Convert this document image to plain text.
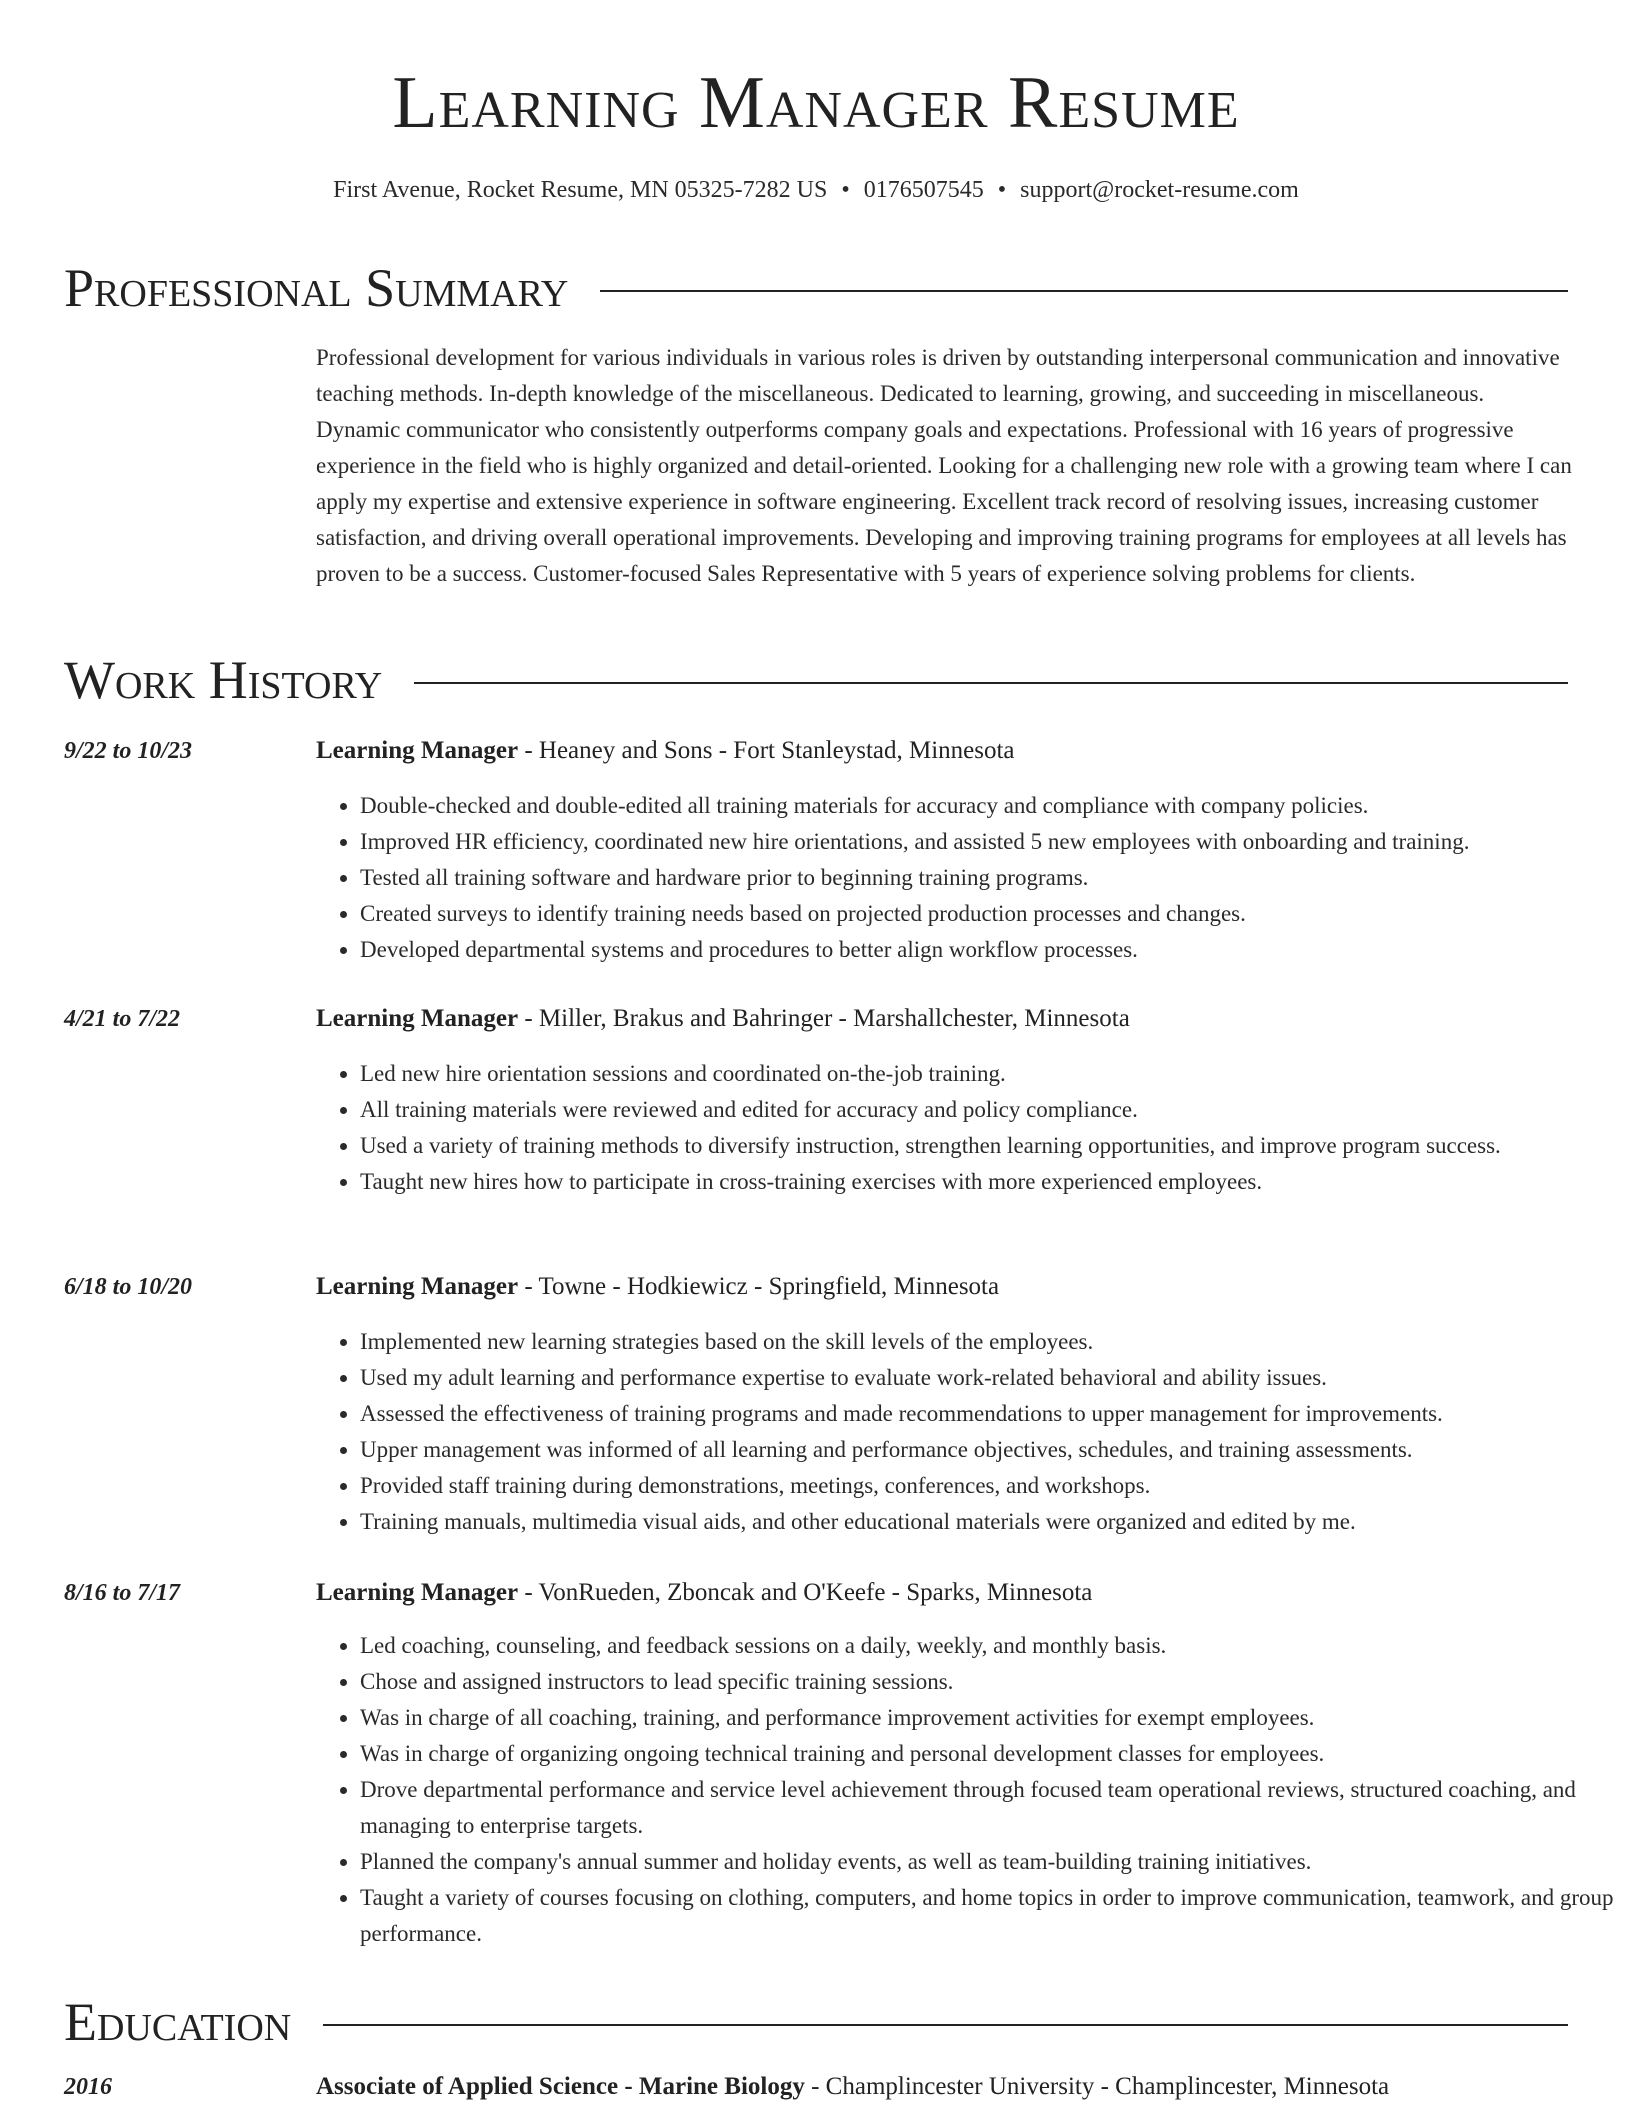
Learning Manager Resume
First Avenue, Rocket Resume, MN 05325-7282 US • 0176507545 • support@rocket-resume.com
Professional Summary

Professional development for various individuals in various roles is driven by outstanding interpersonal communication and innovative teaching methods. In-depth knowledge of the miscellaneous. Dedicated to learning, growing, and succeeding in miscellaneous. Dynamic communicator who consistently outperforms company goals and expectations. Professional with 16 years of progressive experience in the field who is highly organized and detail-oriented. Looking for a challenging new role with a growing team where I can apply my expertise and extensive experience in software engineering. Excellent track record of resolving issues, increasing customer satisfaction, and driving overall operational improvements. Developing and improving training programs for employees at all levels has proven to be a success. Customer-focused Sales Representative with 5 years of experience solving problems for clients.

Work History
9/22 to 10/23	Learning Manager - Heaney and Sons - Fort Stanleystad, Minnesota
• Double-checked and double-edited all training materials for accuracy and compliance with company policies.
• Improved HR efficiency, coordinated new hire orientations, and assisted 5 new employees with onboarding and training.
• Tested all training software and hardware prior to beginning training programs.
• Created surveys to identify training needs based on projected production processes and changes.
• Developed departmental systems and procedures to better align workflow processes.
4/21 to 7/22	Learning Manager - Miller, Brakus and Bahringer - Marshallchester, Minnesota
• Led new hire orientation sessions and coordinated on-the-job training.
• All training materials were reviewed and edited for accuracy and policy compliance.
• Used a variety of training methods to diversify instruction, strengthen learning opportunities, and improve program success.
• Taught new hires how to participate in cross-training exercises with more experienced employees.
6/18 to 10/20	Learning Manager - Towne - Hodkiewicz - Springfield, Minnesota
• Implemented new learning strategies based on the skill levels of the employees.
• Used my adult learning and performance expertise to evaluate work-related behavioral and ability issues.
• Assessed the effectiveness of training programs and made recommendations to upper management for improvements.
• Upper management was informed of all learning and performance objectives, schedules, and training assessments.
• Provided staff training during demonstrations, meetings, conferences, and workshops.
• Training manuals, multimedia visual aids, and other educational materials were organized and edited by me.
8/16 to 7/17	Learning Manager - VonRueden, Zboncak and O'Keefe - Sparks, Minnesota
• Led coaching, counseling, and feedback sessions on a daily, weekly, and monthly basis.
• Chose and assigned instructors to lead specific training sessions.
• Was in charge of all coaching, training, and performance improvement activities for exempt employees.
• Was in charge of organizing ongoing technical training and personal development classes for employees.
• Drove departmental performance and service level achievement through focused team operational reviews, structured coaching, and managing to enterprise targets.
• Planned the company's annual summer and holiday events, as well as team-building training initiatives.
• Taught a variety of courses focusing on clothing, computers, and home topics in order to improve communication, teamwork, and group performance.
Education
2016	Associate of Applied Science - Marine Biology - Champlincester University - Champlincester, Minnesota
